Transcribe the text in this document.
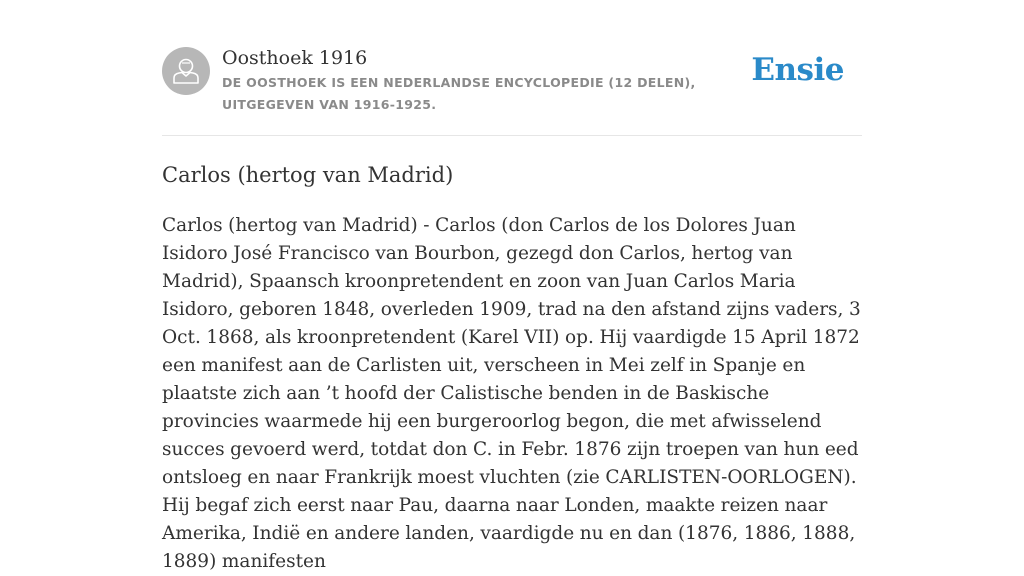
Oosthoek 1916
DE OOSTHOEK IS EEN NEDERLANDSE ENCYCLOPEDIE (12 DELEN), UITGEGEVEN VAN 1916-1925.
Ensie
Carlos (hertog van Madrid)

Carlos (hertog van Madrid) - Carlos (don Carlos de los Dolores Juan Isidoro José Francisco van Bourbon, gezegd don Carlos, hertog van Madrid), Spaansch kroonpretendent en zoon van Juan Carlos Maria Isidoro, geboren 1848, overleden 1909, trad na den afstand zijns vaders, 3 Oct. 1868, als kroonpretendent (Karel VII) op. Hij vaardigde 15 April 1872 een manifest aan de Carlisten uit, verscheen in Mei zelf in Spanje en plaatste zich aan ’t hoofd der Calistische benden in de Baskische provincies waarmede hij een burgeroorlog begon, die met afwisselend succes gevoerd werd, totdat don C. in Febr. 1876 zijn troepen van hun eed ontsloeg en naar Frankrijk moest vluchten (zie CARLISTEN-OORLOGEN). Hij begaf zich eerst naar Pau, daarna naar Londen, maakte reizen naar Amerika, Indië en andere landen, vaardigde nu en dan (1876, 1886, 1888, 1889) manifesten
